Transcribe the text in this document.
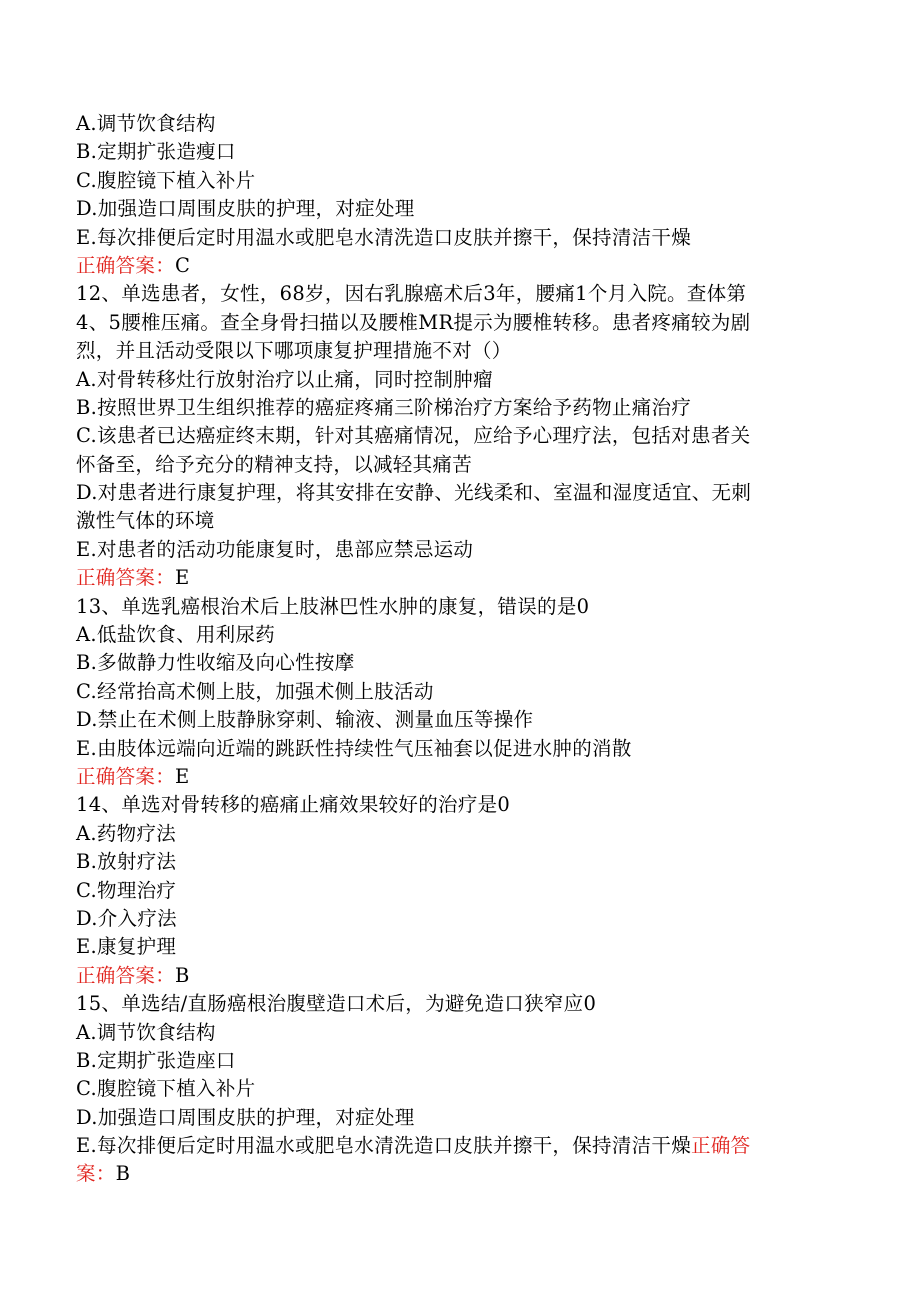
A.调节饮食结构
B.定期扩张造瘦口
C.腹腔镜下植入补片
D.加强造口周围皮肤的护理，对症处理
E.每次排便后定时用温水或肥皂水清洗造口皮肤并擦干，保持清洁干燥
正确答案：C
12、单选患者，女性，68岁，因右乳腺癌术后3年，腰痛1个月入院。查体第
4、5腰椎压痛。查全身骨扫描以及腰椎MR提示为腰椎转移。患者疼痛较为剧
烈，并且活动受限以下哪项康复护理措施不对（）
A.对骨转移灶行放射治疗以止痛，同时控制肿瘤
B.按照世界卫生组织推荐的癌症疼痛三阶梯治疗方案给予药物止痛治疗
C.该患者已达癌症终末期，针对其癌痛情况，应给予心理疗法，包括对患者关
怀备至，给予充分的精神支持，以减轻其痛苦
D.对患者进行康复护理，将其安排在安静、光线柔和、室温和湿度适宜、无刺
激性气体的环境
E.对患者的活动功能康复时，患部应禁忌运动
正确答案：E
13、单选乳癌根治术后上肢淋巴性水肿的康复，错误的是0
A.低盐饮食、用利尿药
B.多做静力性收缩及向心性按摩
C.经常抬高术侧上肢，加强术侧上肢活动
D.禁止在术侧上肢静脉穿刺、输液、测量血压等操作
E.由肢体远端向近端的跳跃性持续性气压袖套以促进水肿的消散
正确答案：E
14、单选对骨转移的癌痛止痛效果较好的治疗是0
A.药物疗法
B.放射疗法
C.物理治疗
D.介入疗法
E.康复护理
正确答案：B
15、单选结/直肠癌根治腹壁造口术后，为避免造口狭窄应0
A.调节饮食结构
B.定期扩张造座口
C.腹腔镜下植入补片
D.加强造口周围皮肤的护理，对症处理
E.每次排便后定时用温水或肥皂水清洗造口皮肤并擦干，保持清洁干燥正确答
案：B
